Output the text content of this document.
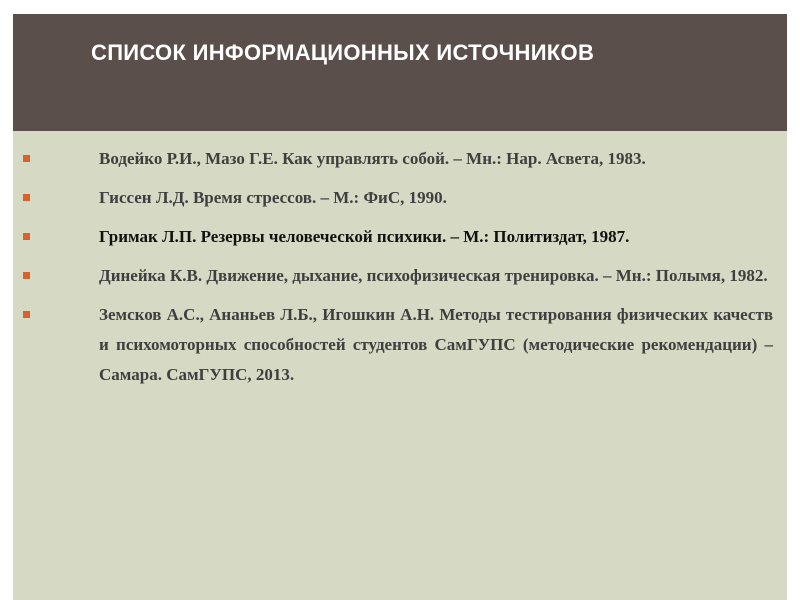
СПИСОК ИНФОРМАЦИОННЫХ ИСТОЧНИКОВ
Водейко Р.И., Мазо Г.Е. Как управлять собой. – Мн.: Нар. Асвета, 1983.
Гиссен Л.Д. Время стрессов. – М.: ФиС, 1990.
Гримак Л.П. Резервы человеческой психики. – М.: Политиздат, 1987.
Динейка К.В. Движение, дыхание, психофизическая тренировка. – Мн.: Полымя, 1982.
Земсков А.С., Ананьев Л.Б., Игошкин А.Н. Методы тестирования физических качеств и психомоторных способностей студентов СамГУПС (методические рекомендации) – Самара. СамГУПС, 2013.
